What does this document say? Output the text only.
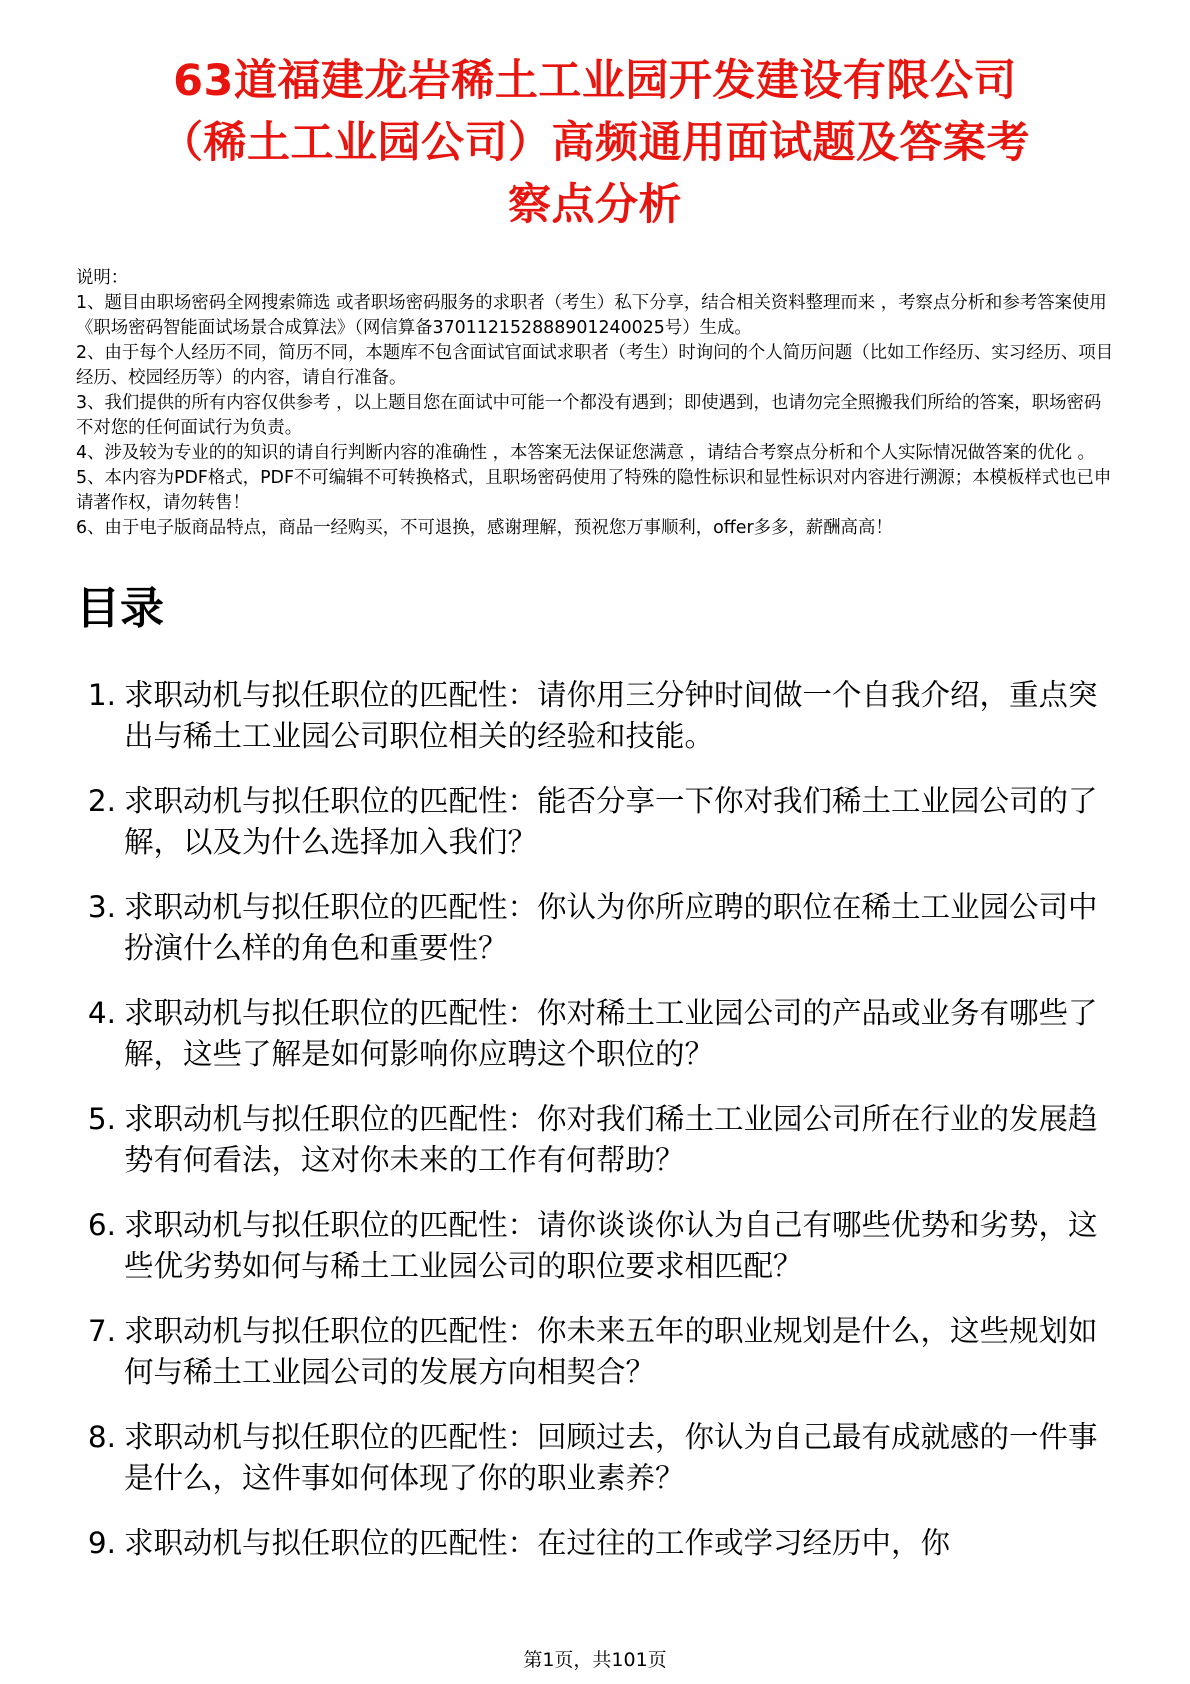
63道福建龙岩稀土工业园开发建设有限公司
（稀土工业园公司）高频通用面试题及答案考
察点分析
说明：
1、题目由职场密码全网搜索筛选 或者职场密码服务的求职者（考生）私下分享，结合相关资料整理而来 ，考察点分析和参考答案使用《职场密码智能面试场景合成算法》（网信算备370112152888901240025号）生成。
2、由于每个人经历不同，简历不同，本题库不包含面试官面试求职者（考生）时询问的个人简历问题（比如工作经历、实习经历、项目经历、校园经历等）的内容，请自行准备。
3、我们提供的所有内容仅供参考 ，以上题目您在面试中可能一个都没有遇到；即使遇到，也请勿完全照搬我们所给的答案，职场密码不对您的任何面试行为负责。
4、涉及较为专业的的知识的请自行判断内容的准确性 ，本答案无法保证您满意 ，请结合考察点分析和个人实际情况做答案的优化 。
5、本内容为PDF格式，PDF不可编辑不可转换格式，且职场密码使用了特殊的隐性标识和显性标识对内容进行溯源；本模板样式也已申请著作权，请勿转售！
6、由于电子版商品特点，商品一经购买，不可退换，感谢理解，预祝您万事顺利，offer多多，薪酬高高！
目录
1. 求职动机与拟任职位的匹配性：请你用三分钟时间做一个自我介绍，重点突出与稀土工业园公司职位相关的经验和技能。
2. 求职动机与拟任职位的匹配性：能否分享一下你对我们稀土工业园公司的了解，以及为什么选择加入我们？
3. 求职动机与拟任职位的匹配性：你认为你所应聘的职位在稀土工业园公司中扮演什么样的角色和重要性？
4. 求职动机与拟任职位的匹配性：你对稀土工业园公司的产品或业务有哪些了解，这些了解是如何影响你应聘这个职位的？
5. 求职动机与拟任职位的匹配性：你对我们稀土工业园公司所在行业的发展趋势有何看法，这对你未来的工作有何帮助？
6. 求职动机与拟任职位的匹配性：请你谈谈你认为自己有哪些优势和劣势，这些优劣势如何与稀土工业园公司的职位要求相匹配？
7. 求职动机与拟任职位的匹配性：你未来五年的职业规划是什么，这些规划如何与稀土工业园公司的发展方向相契合？
8. 求职动机与拟任职位的匹配性：回顾过去，你认为自己最有成就感的一件事是什么，这件事如何体现了你的职业素养？
9. 求职动机与拟任职位的匹配性：在过往的工作或学习经历中，你
第1页，共101页
